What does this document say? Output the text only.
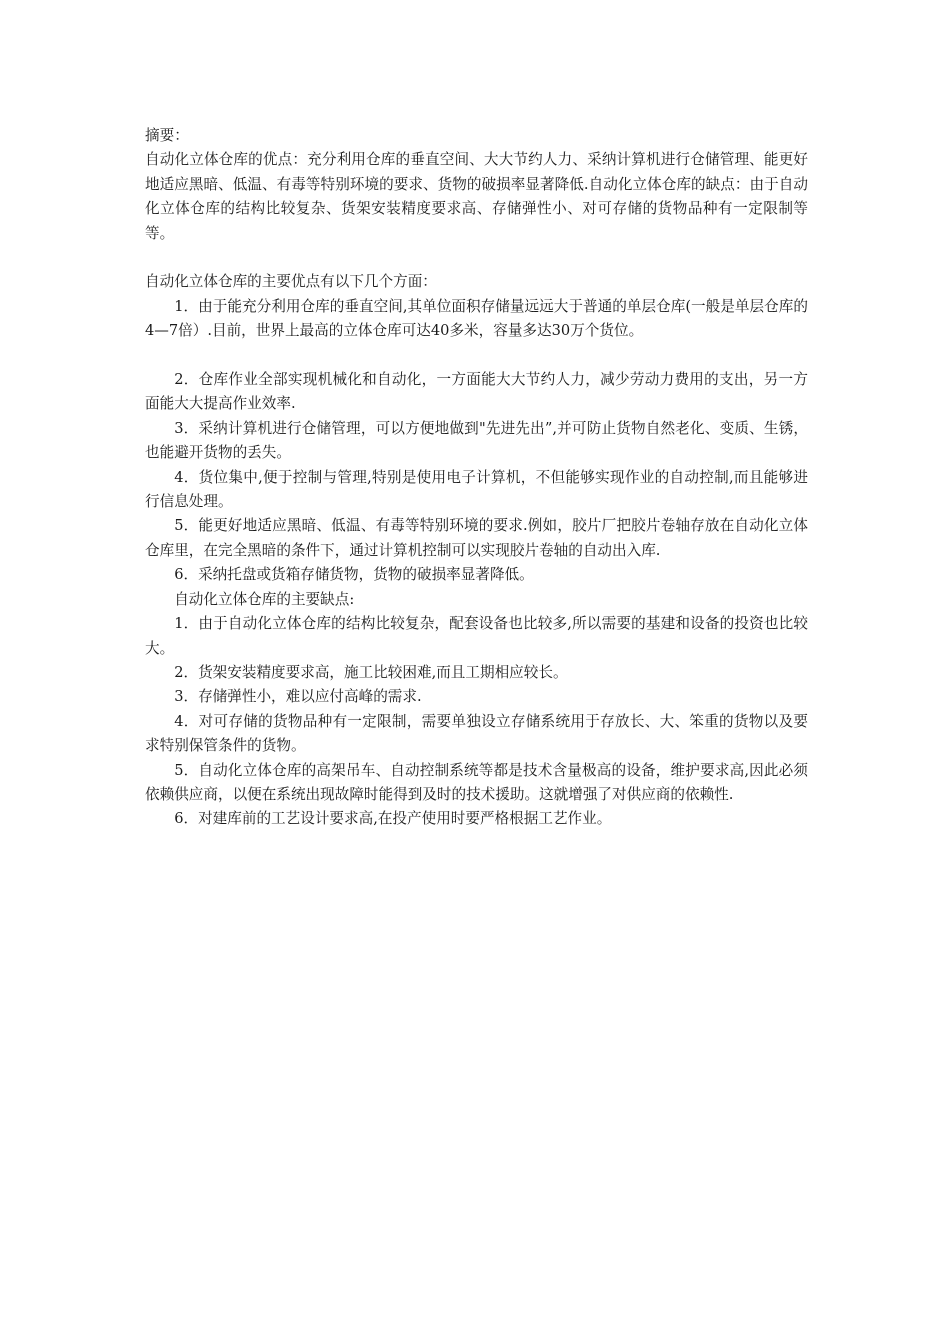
摘要：

自动化立体仓库的优点：充分利用仓库的垂直空间、大大节约人力、采纳计算机进行仓储管理、能更好地适应黑暗、低温、有毒等特别环境的要求、货物的破损率显著降低.自动化立体仓库的缺点：由于自动化立体仓库的结构比较复杂、货架安装精度要求高、存储弹性小、对可存储的货物品种有一定限制等等。

自动化立体仓库的主要优点有以下几个方面：

1．由于能充分利用仓库的垂直空间,其单位面积存储量远远大于普通的单层仓库(一般是单层仓库的4—7倍）.目前，世界上最高的立体仓库可达40多米，容量多达30万个货位。

2．仓库作业全部实现机械化和自动化，一方面能大大节约人力，减少劳动力费用的支出，另一方面能大大提高作业效率.

3．采纳计算机进行仓储管理，可以方便地做到"先进先出”,并可防止货物自然老化、变质、生锈，也能避开货物的丢失。

4．货位集中,便于控制与管理,特别是使用电子计算机，不但能够实现作业的自动控制,而且能够进行信息处理。

5．能更好地适应黑暗、低温、有毒等特别环境的要求.例如，胶片厂把胶片卷轴存放在自动化立体仓库里，在完全黑暗的条件下，通过计算机控制可以实现胶片卷轴的自动出入库.

6．采纳托盘或货箱存储货物，货物的破损率显著降低。

自动化立体仓库的主要缺点:

1．由于自动化立体仓库的结构比较复杂，配套设备也比较多,所以需要的基建和设备的投资也比较大。

2．货架安装精度要求高，施工比较困难,而且工期相应较长。

3．存储弹性小，难以应付高峰的需求.

4．对可存储的货物品种有一定限制，需要单独设立存储系统用于存放长、大、笨重的货物以及要求特别保管条件的货物。

5．自动化立体仓库的高架吊车、自动控制系统等都是技术含量极高的设备，维护要求高,因此必须依赖供应商，以便在系统出现故障时能得到及时的技术援助。这就增强了对供应商的依赖性.

6．对建库前的工艺设计要求高,在投产使用时要严格根据工艺作业。
